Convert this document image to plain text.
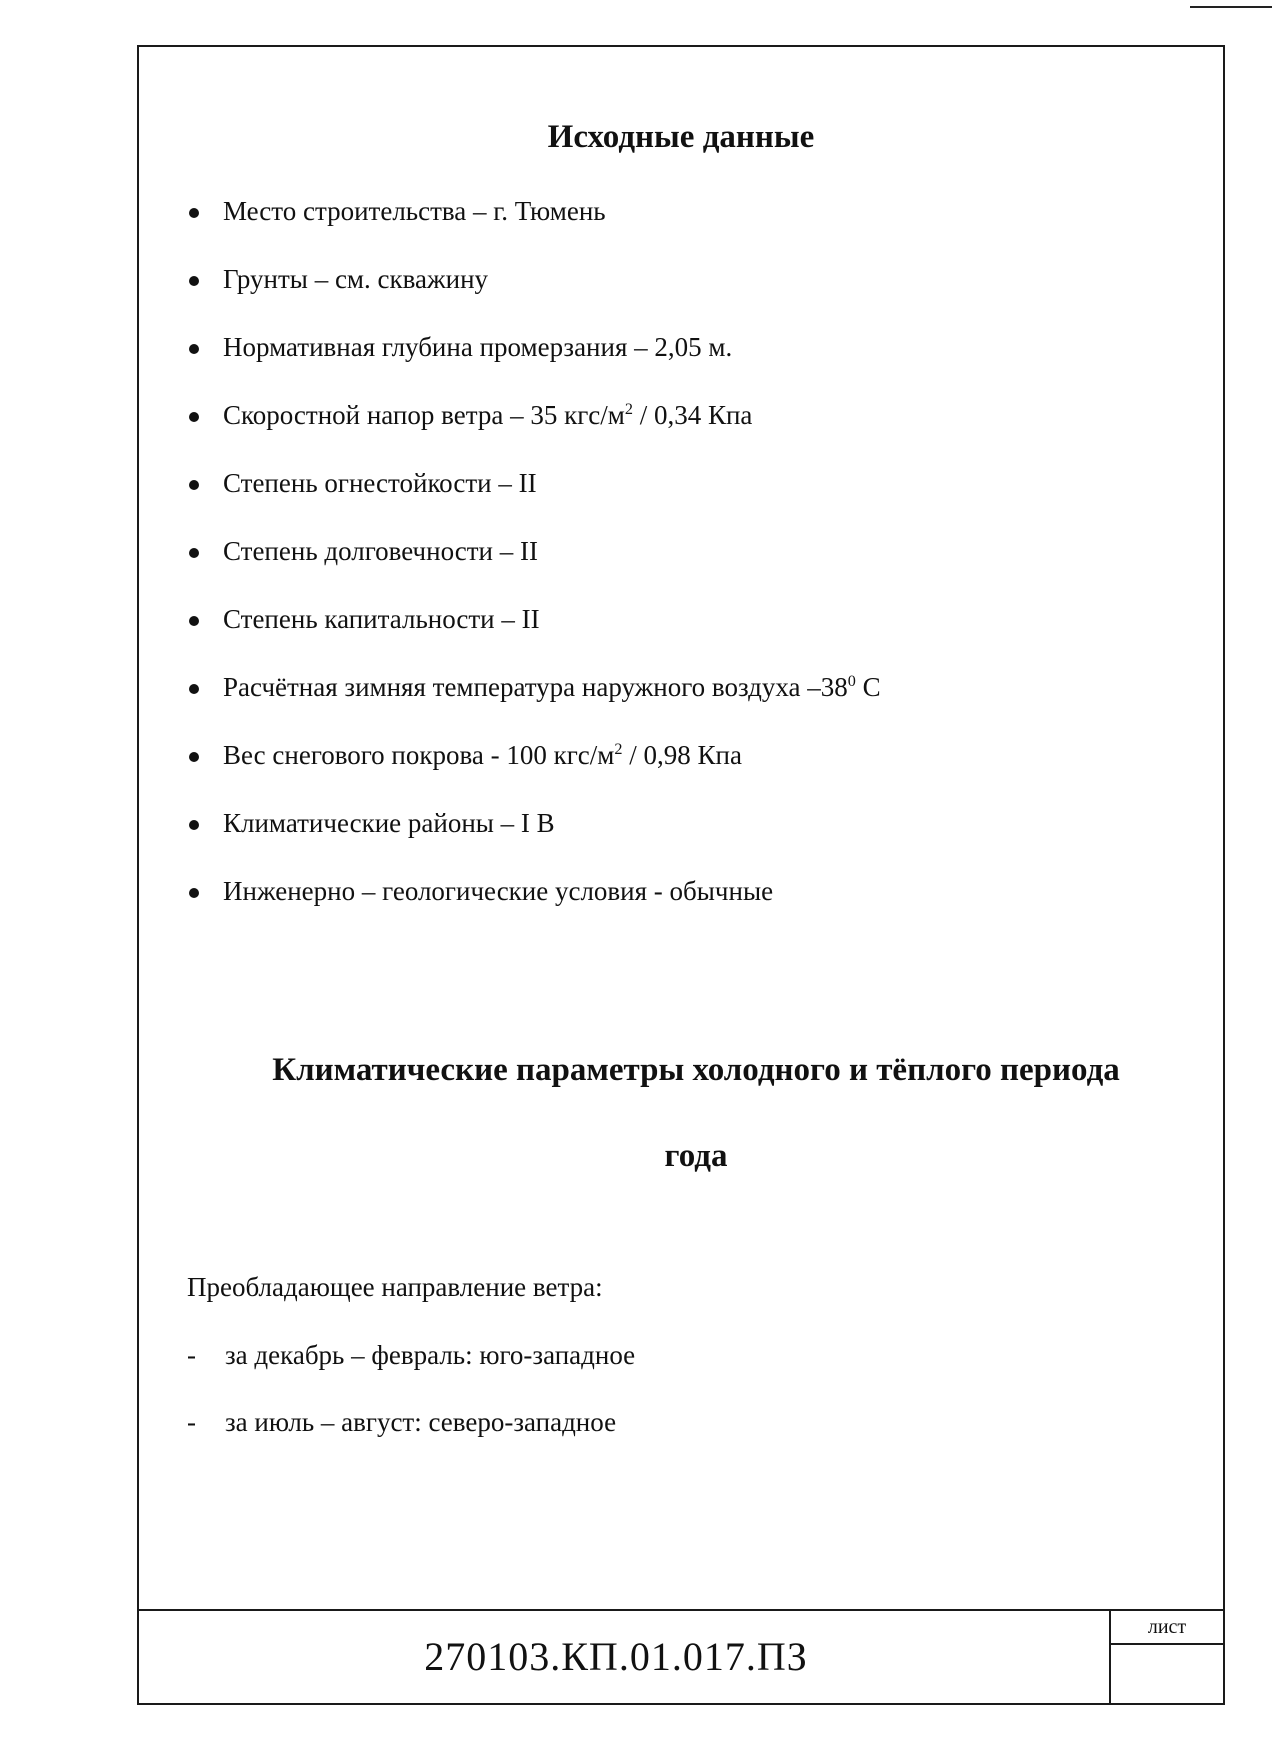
Исходные данные
Место строительства – г. Тюмень
Грунты – см. скважину
Нормативная глубина промерзания – 2,05 м.
Скоростной напор ветра – 35 кгс/$м^2 / 0,34$ Кпа
Степень огнестойкости – II
Степень долговечности – II
Степень капитальности – II
Расчётная зимняя температура наружного воздуха $-38^0$ С
Вес снегового покрова - 100 кгс/$м^2 / 0,98$ Кпа
Климатические районы – I В
Инженерно – геологические условия - обычные
Климатические параметры холодного и тёплого периода
года
Преобладающее направление ветра:
- за декабрь – февраль: юго-западное
- за июль – август: северо-западное
270103.КП.01.017.ПЗ
лист
